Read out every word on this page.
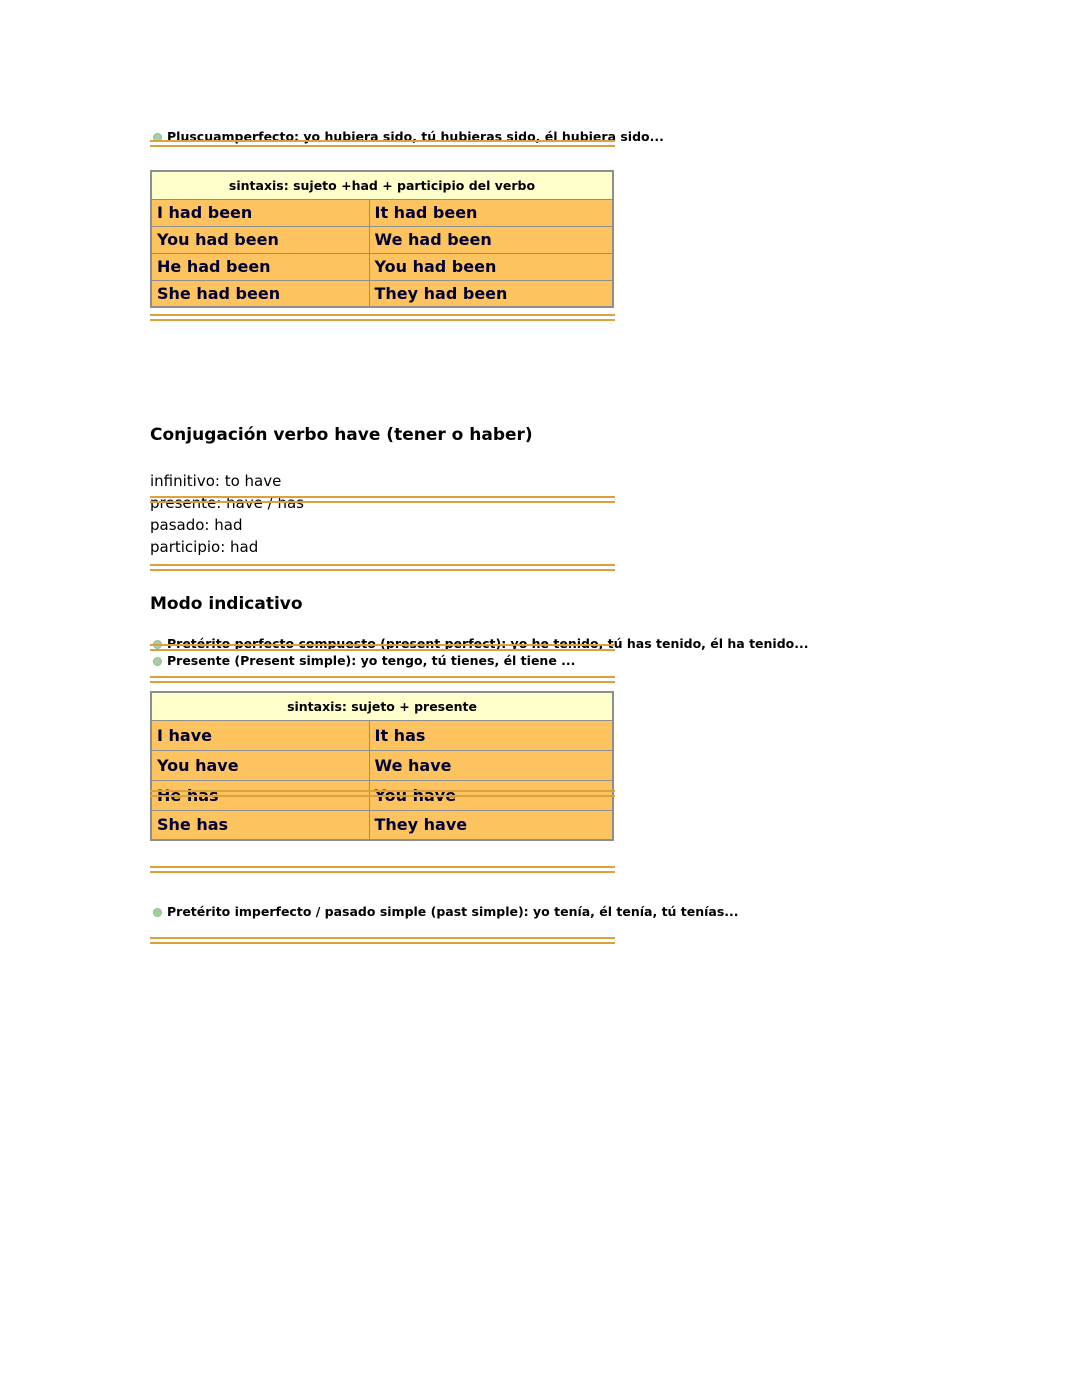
Pluscuamperfecto: yo hubiera sido, tú hubieras sido, él hubiera sido...
sintaxis: sujeto +had + participio del verbo	
I had been	It had been
You had been	We had been
He had been	You had been
She had been	They had been
Conjugación verbo have (tener o haber)
infinitivo: to have
presente: have / has
pasado: had
participio: had
Modo indicativo
Pretérito perfecto compuesto (present perfect): yo he tenido, tú has tenido, él ha tenido...
Presente (Present simple): yo tengo, tú tienes, él tiene ...
sintaxis: sujeto + presente	
I have	It has
You have	We have
He has	You have
She has	They have
Pretérito imperfecto / pasado simple (past simple): yo tenía, él tenía, tú tenías...
